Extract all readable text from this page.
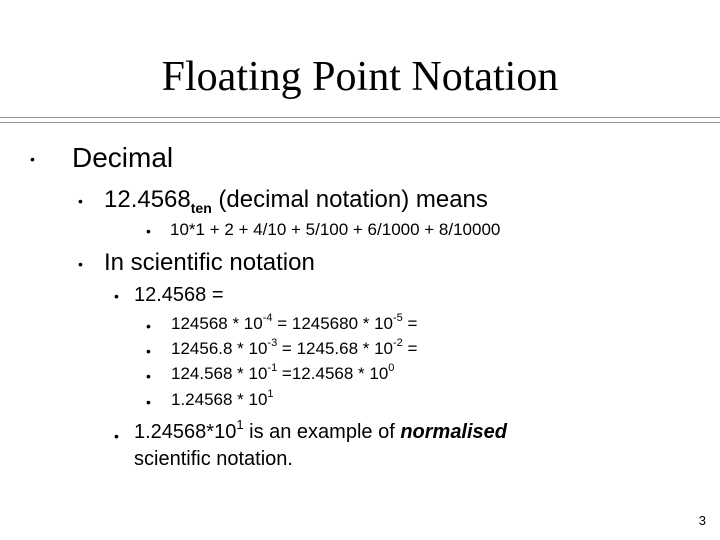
Floating Point Notation
• Decimal
• $12.4568_{ten}$ (decimal notation) means
• 10*1 + 2 + 4/10 + 5/100 + 6/1000 + 8/10000
• In scientific notation
• 12.4568 =
• $124568 * 10^{-4} = 1245680 * 10^{-5}$ =
• $12456.8 * 10^{-3} = 1245.68 * 10^{-2}$ =
• $124.568 * 10^{-1} =12.4568 * 10^0$
• $1.24568 * 10^1$
• $1.24568*10^1$ is an example of normalised
scientific notation.
3
